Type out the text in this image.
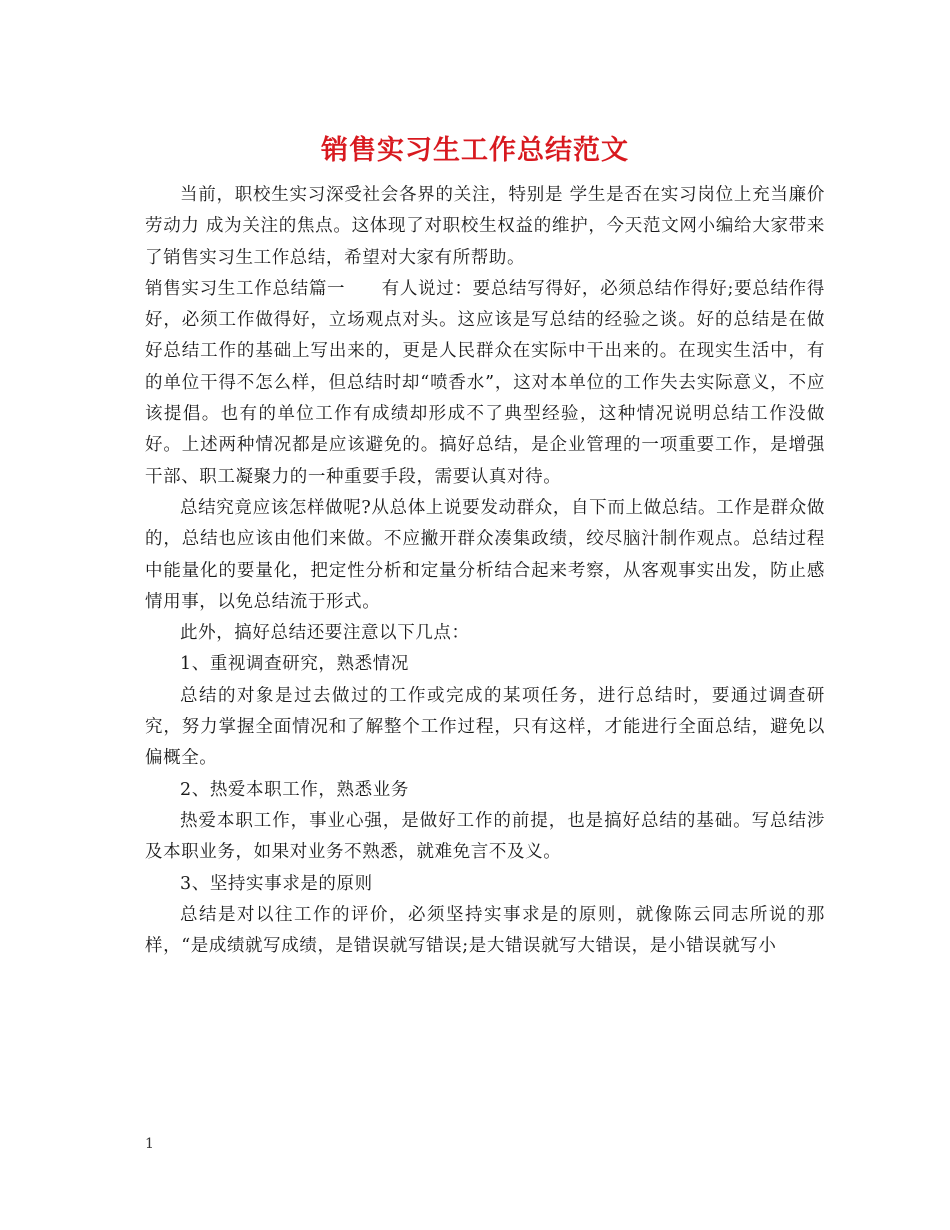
销售实习生工作总结范文

当前，职校生实习深受社会各界的关注，特别是 学生是否在实习岗位上充当廉价劳动力 成为关注的焦点。这体现了对职校生权益的维护，今天范文网小编给大家带来了销售实习生工作总结，希望对大家有所帮助。

销售实习生工作总结篇一　　有人说过：要总结写得好，必须总结作得好;要总结作得好，必须工作做得好，立场观点对头。这应该是写总结的经验之谈。好的总结是在做好总结工作的基础上写出来的，更是人民群众在实际中干出来的。在现实生活中，有的单位干得不怎么样，但总结时却“喷香水”，这对本单位的工作失去实际意义，不应该提倡。也有的单位工作有成绩却形成不了典型经验，这种情况说明总结工作没做好。上述两种情况都是应该避免的。搞好总结，是企业管理的一项重要工作，是增强干部、职工凝聚力的一种重要手段，需要认真对待。

总结究竟应该怎样做呢?从总体上说要发动群众，自下而上做总结。工作是群众做的，总结也应该由他们来做。不应撇开群众凑集政绩，绞尽脑汁制作观点。总结过程中能量化的要量化，把定性分析和定量分析结合起来考察，从客观事实出发，防止感情用事，以免总结流于形式。

此外，搞好总结还要注意以下几点：

1、重视调查研究，熟悉情况

总结的对象是过去做过的工作或完成的某项任务，进行总结时，要通过调查研究，努力掌握全面情况和了解整个工作过程，只有这样，才能进行全面总结，避免以偏概全。

2、热爱本职工作，熟悉业务

热爱本职工作，事业心强，是做好工作的前提，也是搞好总结的基础。写总结涉及本职业务，如果对业务不熟悉，就难免言不及义。

3、坚持实事求是的原则

总结是对以往工作的评价，必须坚持实事求是的原则，就像陈云同志所说的那样，“是成绩就写成绩，是错误就写错误;是大错误就写大错误，是小错误就写小

1
